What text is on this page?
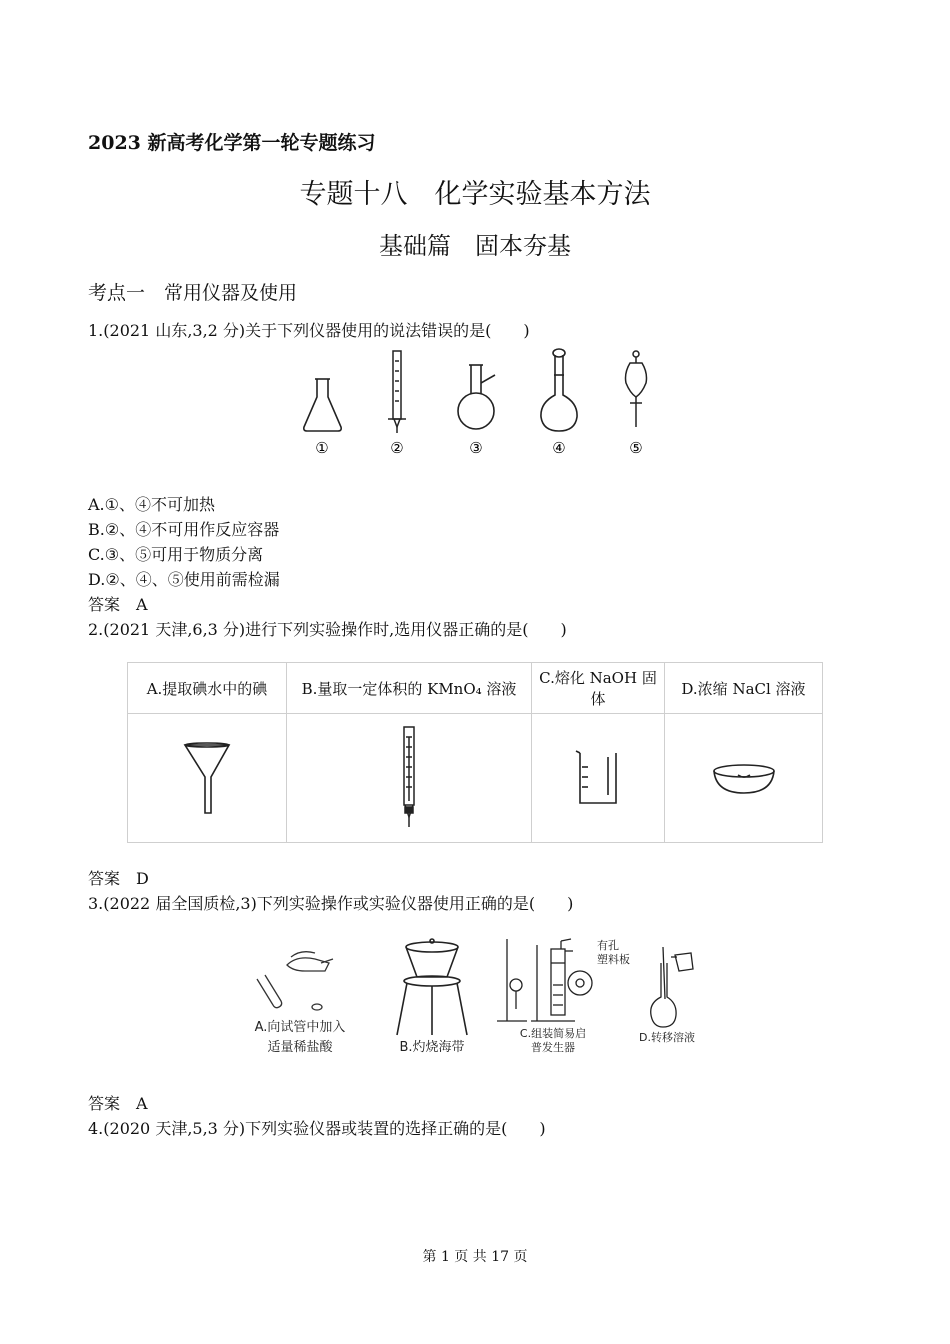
2023 新高考化学第一轮专题练习
专题十八　化学实验基本方法
基础篇　固本夯基
考点一　常用仪器及使用
1.(2021 山东,3,2 分)关于下列仪器使用的说法错误的是(　　)
①	②	③	④	⑤
A.①、④不可加热
B.②、④不可用作反应容器
C.③、⑤可用于物质分离
D.②、④、⑤使用前需检漏
答案　A
2.(2021 天津,6,3 分)进行下列实验操作时,选用仪器正确的是(　　)
A.提取碘水中的碘	B.量取一定体积的 KMnO₄ 溶液	C.熔化 NaOH 固体	D.浓缩 NaCl 溶液

答案　D
3.(2022 届全国质检,3)下列实验操作或实验仪器使用正确的是(　　)
A.向试管中加入
适量稀盐酸	B.灼烧海带
有孔
塑料板
C.组装简易启
普发生器
D.转移溶液
答案　A
4.(2020 天津,5,3 分)下列实验仪器或装置的选择正确的是(　　)
第 1 页 共 17 页
